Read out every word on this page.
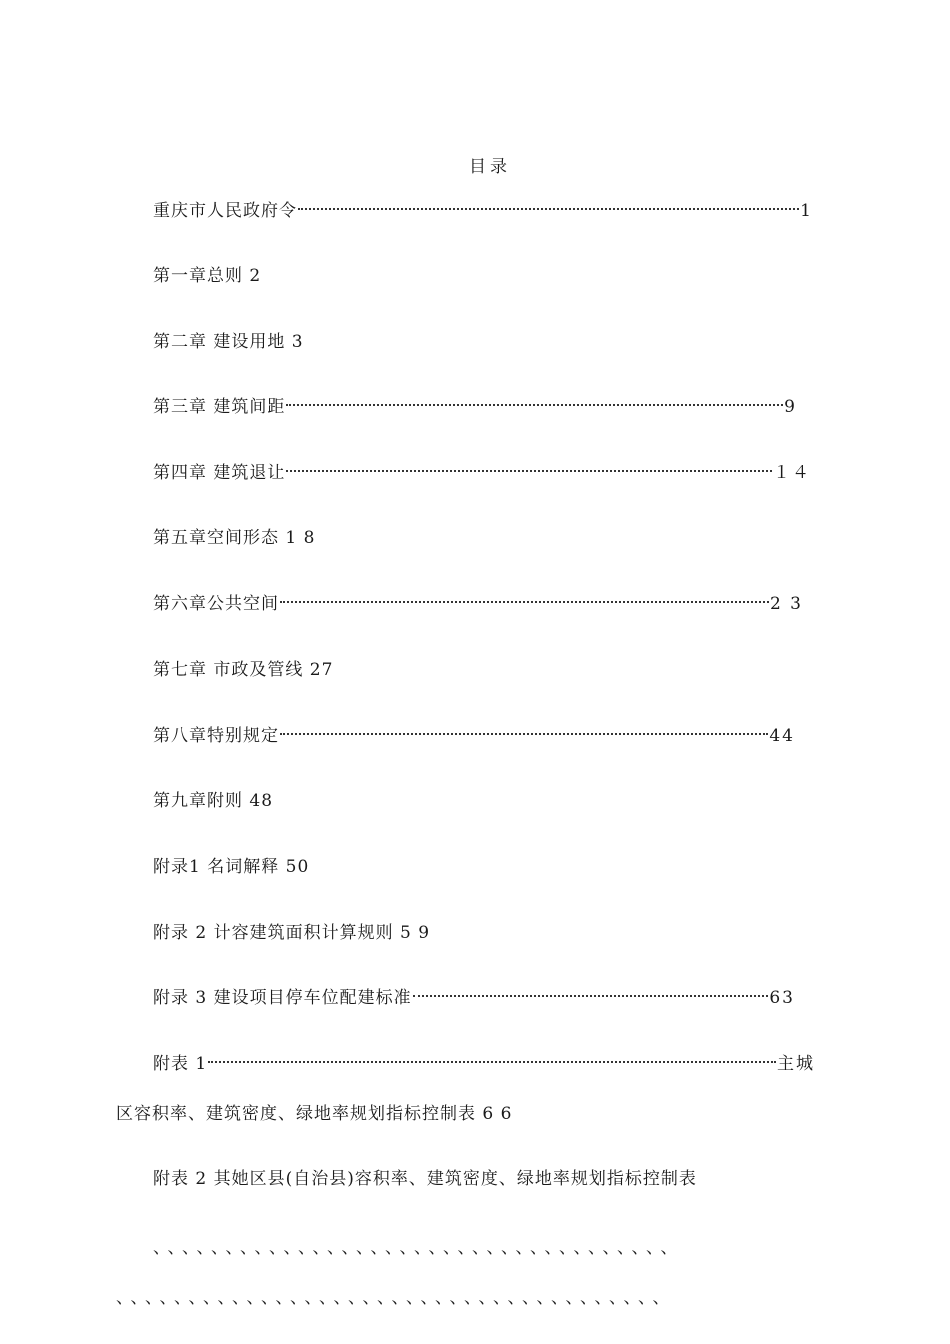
目录
重庆市人民政府令	1
第一章总则 2
第二章 建设用地 3
第三章 建筑间距	9
第四章 建筑退让	１４
第五章空间形态 1 8
第六章公共空间	2 3
第七章 市政及管线 27
第八章特别规定	44
第九章附则 48
附录1 名词解释 50
附录 2 计容建筑面积计算规则 5 9
附录 3 建设项目停车位配建标准	63
附表 1	主城
区容积率、建筑密度、绿地率规划指标控制表 6 6
附表 2 其她区县(自治县)容积率、建筑密度、绿地率规划指标控制表
、、、、、、、、、、、、、、、、、、、、、、、、、、、、、、、、、、、、
、、、、、、、、、、、、、、、、、、、、、、、、、、、、、、、、、、、、、、
